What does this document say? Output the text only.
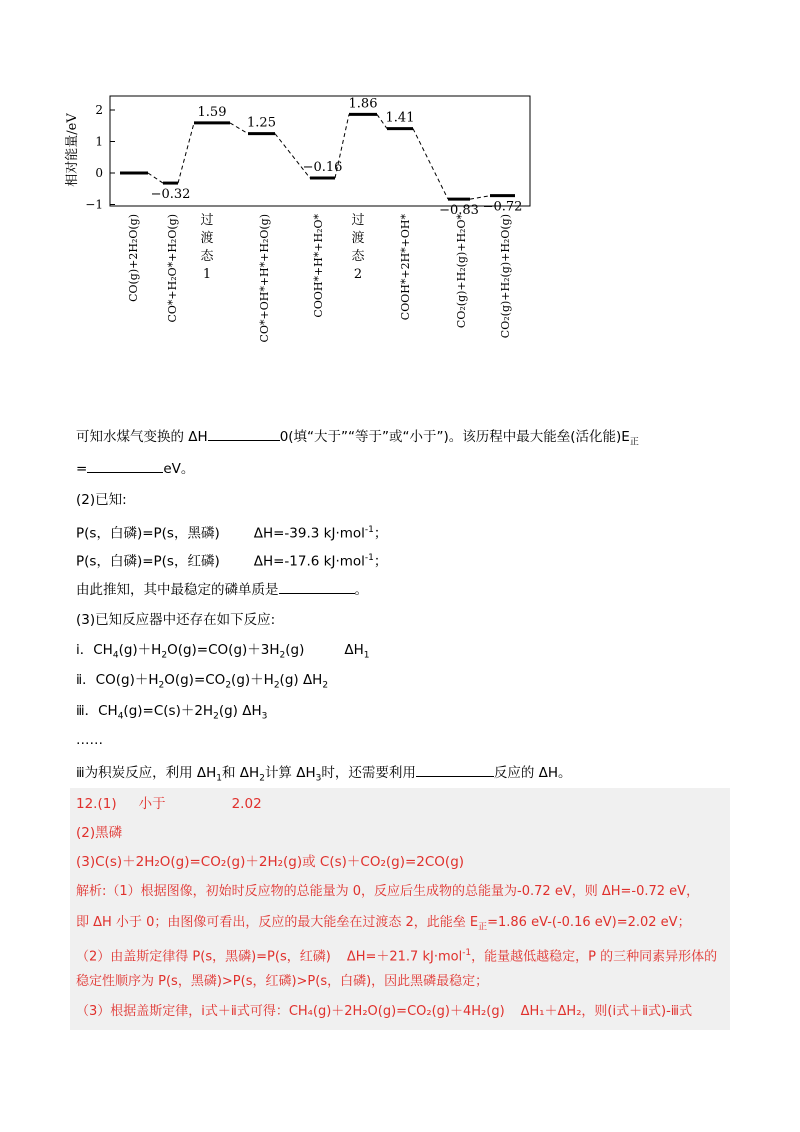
相对能量/eV
2
1
0
−1
−0.32
1.59
1.25
−0.16
1.86
1.41
−0.83 −0.72
CO(g)+2H₂O(g) CO*+H₂O*+H₂O(g) 过
渡
态
1	CO*+OH*+H*+H₂O(g)	COOH*+H*+H₂O* 过
渡
态
2	COOH*+2H*+OH*	CO₂(g)+H₂(g)+H₂O*	CO₂(g)+H₂(g)+H₂O(g)
可知水煤气变换的 ΔH	0(填“大于”“等于”或“小于”)。该历程中最大能垒(活化能)$E_正$
=	eV。
(2)已知:
P(s，白磷)=P(s，黑磷)	ΔH=-39.3 kJ·mol$^{-1}$；
P(s，白磷)=P(s，红磷)	ΔH=-17.6 kJ·mol$^{-1}$；
由此推知，其中最稳定的磷单质是	。
(3)已知反应器中还存在如下反应:
ⅰ．$CH_4(g)+H_2O(g)=CO(g)+3H_2(g)$	$\Delta H_1$
ⅱ．$CO(g)+H_2O(g)=CO_2(g)+H_2(g)$ $\Delta H_2$
ⅲ．$CH_4(g)=C(s)+2H_2(g)$ $\Delta H_3$
……
ⅲ为积炭反应，利用 $\Delta H_1$和 $\Delta H_2$计算 $\Delta H_3$时，还需要利用	反应的 ΔH。
12.(1) 小于	2.02
(2)黑磷
(3)C(s)＋2H₂O(g)=CO₂(g)＋2H₂(g)或 C(s)＋CO₂(g)=2CO(g)
解析:（1）根据图像，初始时反应物的总能量为 0，反应后生成物的总能量为-0.72 eV，则 ΔH=-0.72 eV，
即 ΔH 小于 0；由图像可看出，反应的最大能垒在过渡态 2，此能垒 $E_正=1.86$ eV-(-0.16 eV)=2.02 eV；
（2）由盖斯定律得 P(s，黑磷)=P(s，红磷) ΔH=＋21.7 kJ·mol$^{-1}$，能量越低越稳定，P 的三种同素异形体的
稳定性顺序为 P(s，黑磷)>P(s，红磷)>P(s，白磷)，因此黑磷最稳定；
（3）根据盖斯定律，ⅰ式＋ⅱ式可得：CH₄(g)＋2H₂O(g)=CO₂(g)＋4H₂(g) ΔH₁＋ΔH₂，则(ⅰ式＋ⅱ式)-ⅲ式
